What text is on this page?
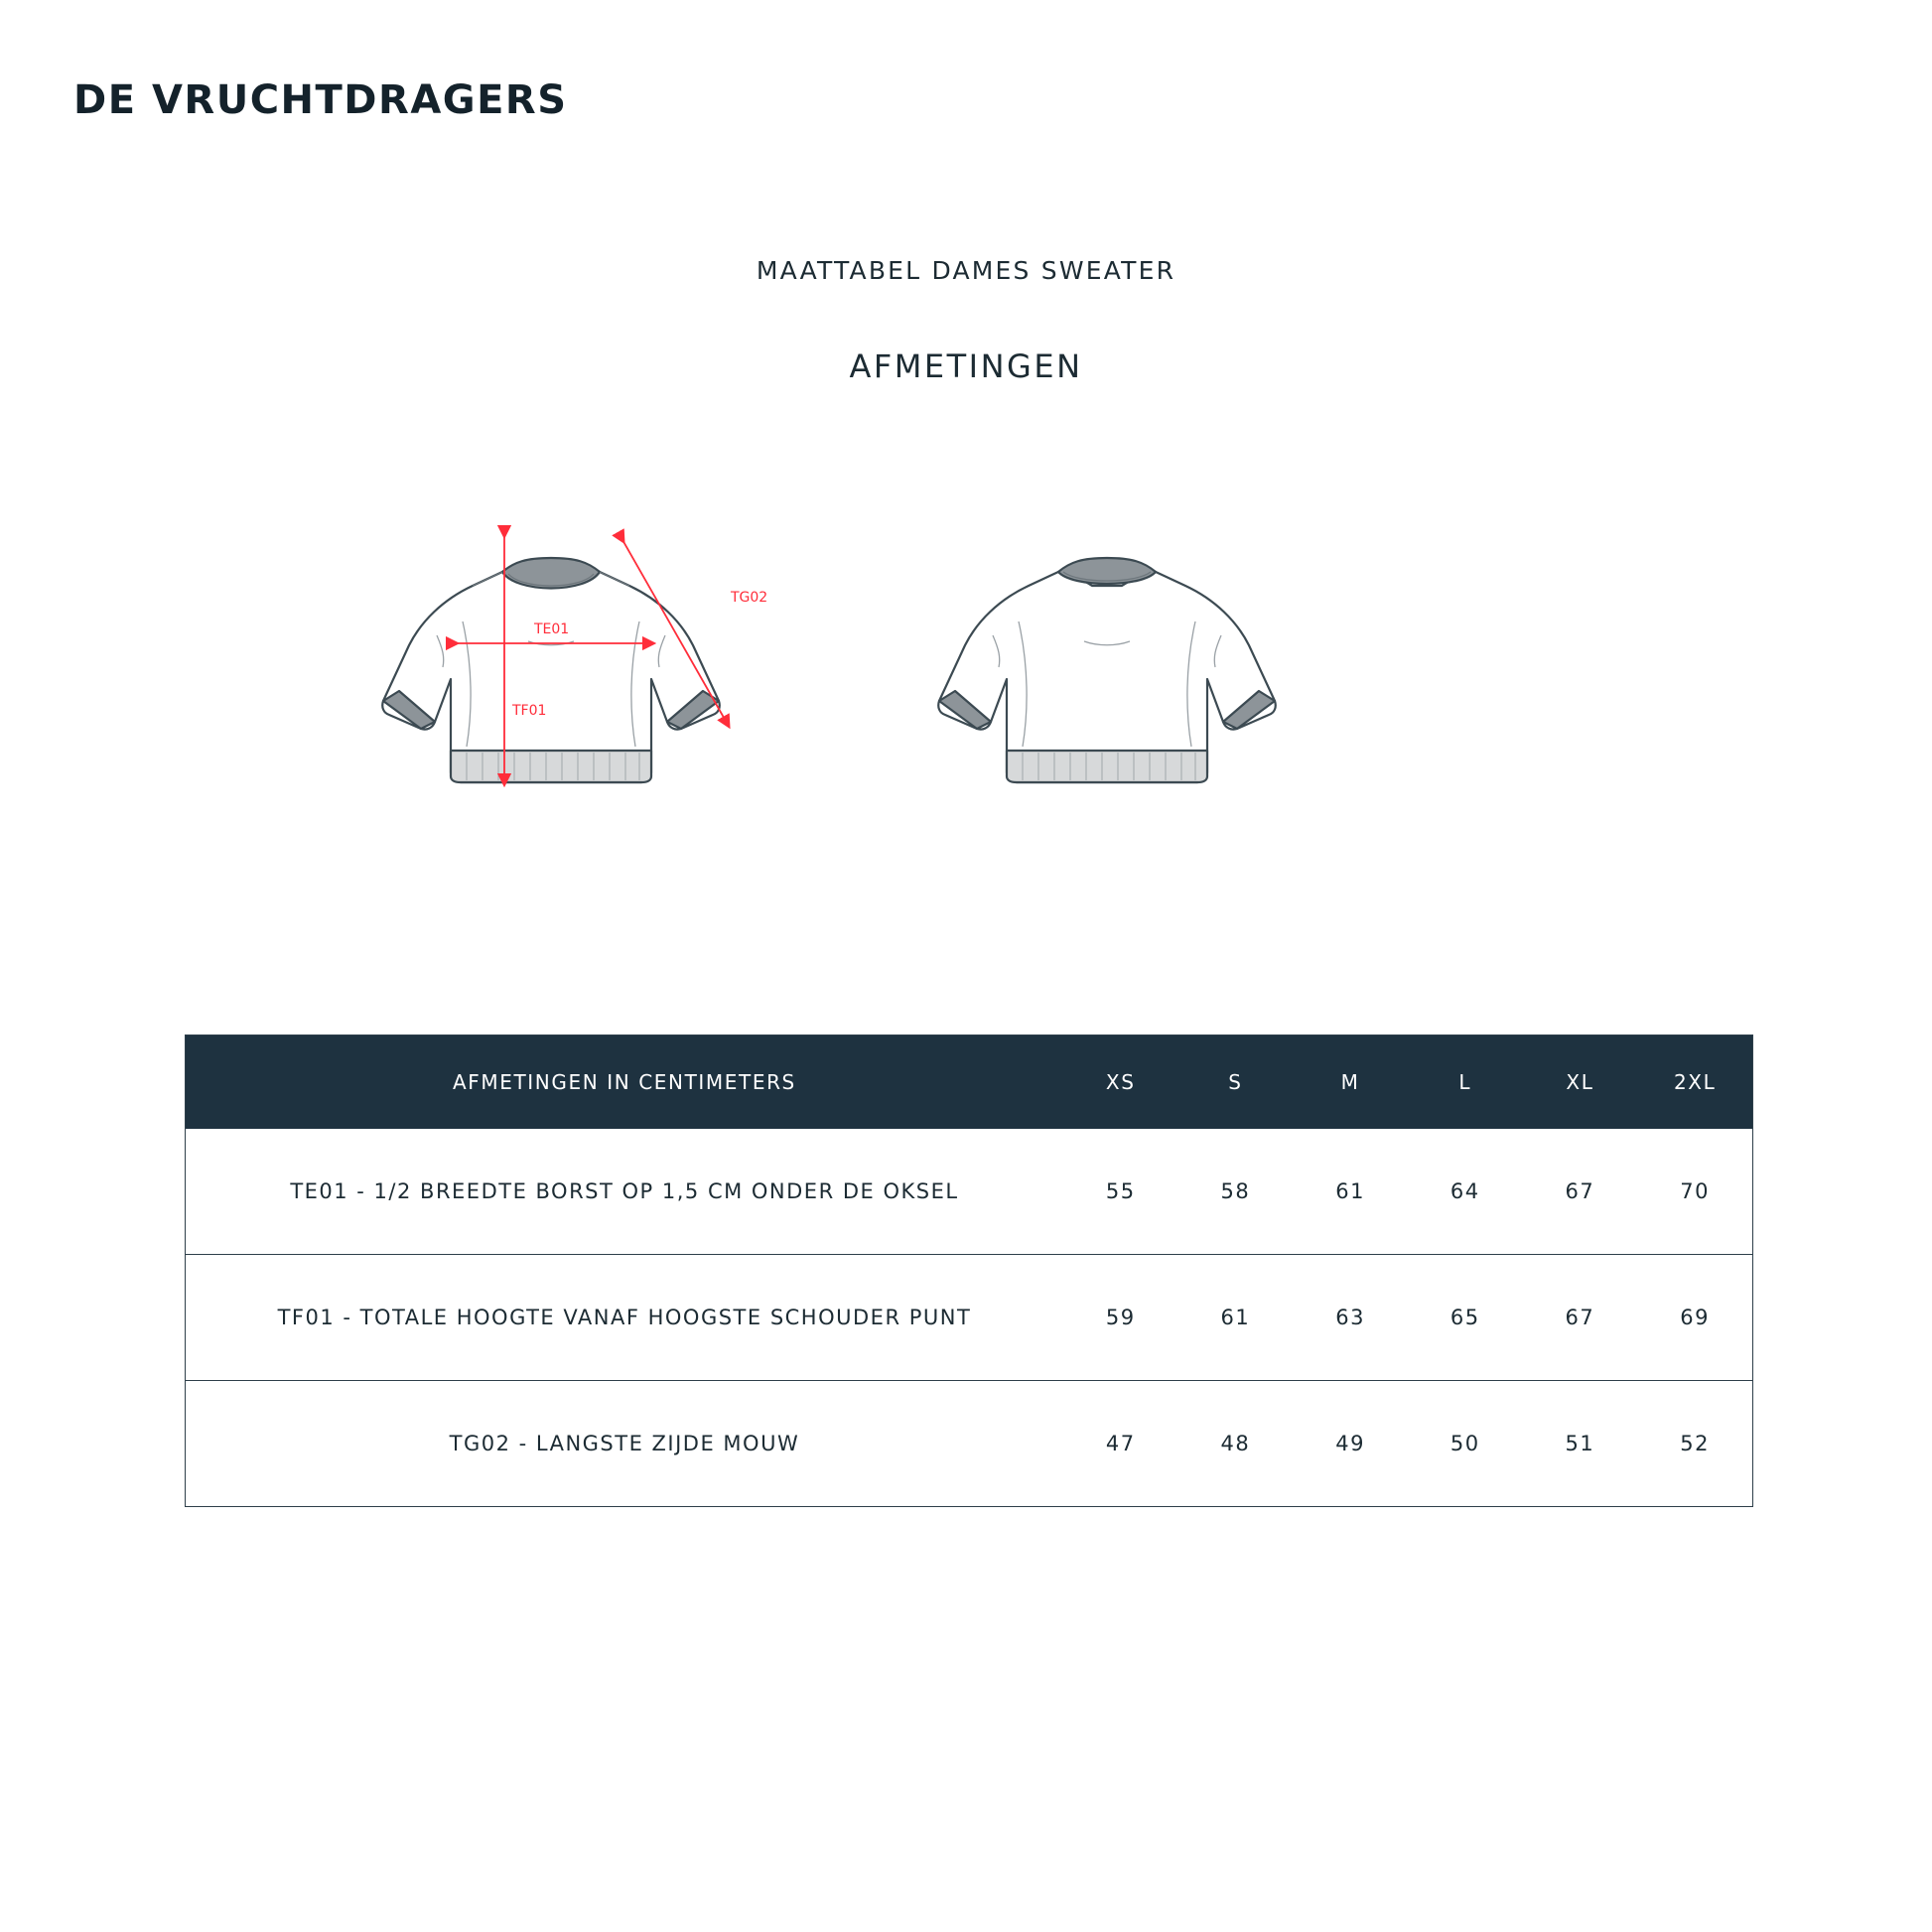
DE VRUCHTDRAGERS
MAATTABEL DAMES SWEATER
AFMETINGEN
TE01
TF01
TG02
AFMETINGEN IN CENTIMETERS	XS	S	M	L	XL	2XL
TE01 - 1/2 BREEDTE BORST OP 1,5 CM ONDER DE OKSEL	55	58	61	64	67	70
TF01 - TOTALE HOOGTE VANAF HOOGSTE SCHOUDER PUNT	59	61	63	65	67	69
TG02 - LANGSTE ZIJDE MOUW	47	48	49	50	51	52
